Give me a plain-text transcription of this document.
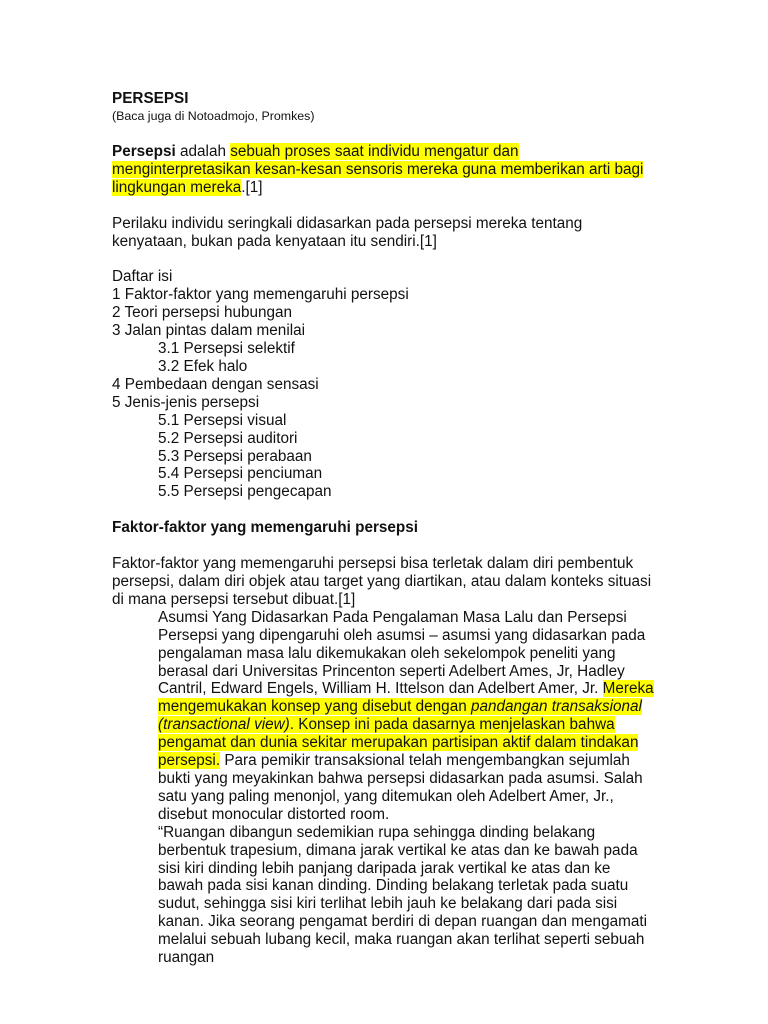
PERSEPSI

(Baca juga di Notoadmojo, Promkes)

Persepsi adalah sebuah proses saat individu mengatur dan menginterpretasikan kesan-kesan sensoris mereka guna memberikan arti bagi lingkungan mereka.[1]

Perilaku individu seringkali didasarkan pada persepsi mereka tentang kenyataan, bukan pada kenyataan itu sendiri.[1]

Daftar isi

1 Faktor-faktor yang memengaruhi persepsi

2 Teori persepsi hubungan

3 Jalan pintas dalam menilai

3.1 Persepsi selektif

3.2 Efek halo

4 Pembedaan dengan sensasi

5 Jenis-jenis persepsi

5.1 Persepsi visual

5.2 Persepsi auditori

5.3 Persepsi perabaan

5.4 Persepsi penciuman

5.5 Persepsi pengecapan

Faktor-faktor yang memengaruhi persepsi

Faktor-faktor yang memengaruhi persepsi bisa terletak dalam diri pembentuk persepsi, dalam diri objek atau target yang diartikan, atau dalam konteks situasi di mana persepsi tersebut dibuat.[1]

Asumsi Yang Didasarkan Pada Pengalaman Masa Lalu dan Persepsi

Persepsi yang dipengaruhi oleh asumsi – asumsi yang didasarkan pada pengalaman masa lalu dikemukakan oleh sekelompok peneliti yang berasal dari Universitas Princenton seperti Adelbert Ames, Jr, Hadley Cantril, Edward Engels, William H. Ittelson dan Adelbert Amer, Jr. Mereka mengemukakan konsep yang disebut dengan pandangan transaksional (transactional view). Konsep ini pada dasarnya menjelaskan bahwa pengamat dan dunia sekitar merupakan partisipan aktif dalam tindakan persepsi. Para pemikir transaksional telah mengembangkan sejumlah bukti yang meyakinkan bahwa persepsi didasarkan pada asumsi. Salah satu yang paling menonjol, yang ditemukan oleh Adelbert Amer, Jr., disebut monocular distorted room.

“Ruangan dibangun sedemikian rupa sehingga dinding belakang berbentuk trapesium, dimana jarak vertikal ke atas dan ke bawah pada sisi kiri dinding lebih panjang daripada jarak vertikal ke atas dan ke bawah pada sisi kanan dinding. Dinding belakang terletak pada suatu sudut, sehingga sisi kiri terlihat lebih jauh ke belakang dari pada sisi kanan. Jika seorang pengamat berdiri di depan ruangan dan mengamati melalui sebuah lubang kecil, maka ruangan akan terlihat seperti sebuah ruangan
